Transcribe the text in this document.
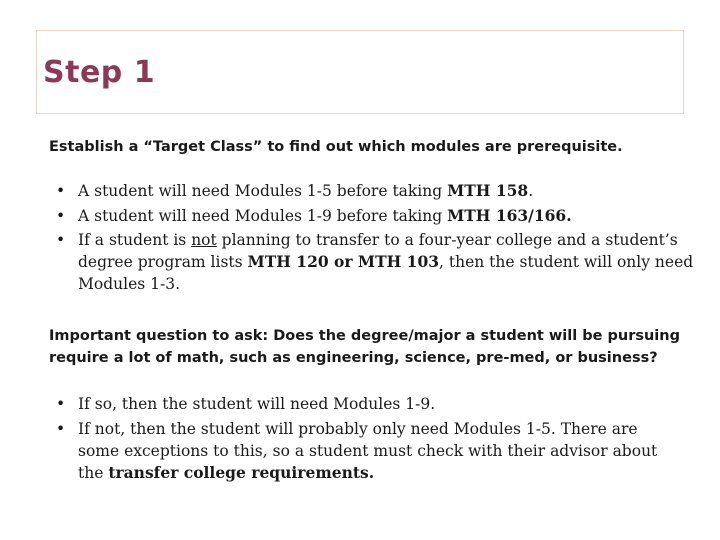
Step 1

Establish a “Target Class” to find out which modules are prerequisite.

• A student will need Modules 1-5 before taking MTH 158.
• A student will need Modules 1-9 before taking MTH 163/166.
• If a student is not planning to transfer to a four-year college and a student’s degree program lists MTH 120 or MTH 103, then the student will only need Modules 1-3.

Important question to ask: Does the degree/major a student will be pursuing require a lot of math, such as engineering, science, pre-med, or business?

• If so, then the student will need Modules 1-9.
• If not, then the student will probably only need Modules 1-5. There are some exceptions to this, so a student must check with their advisor about the transfer college requirements.
